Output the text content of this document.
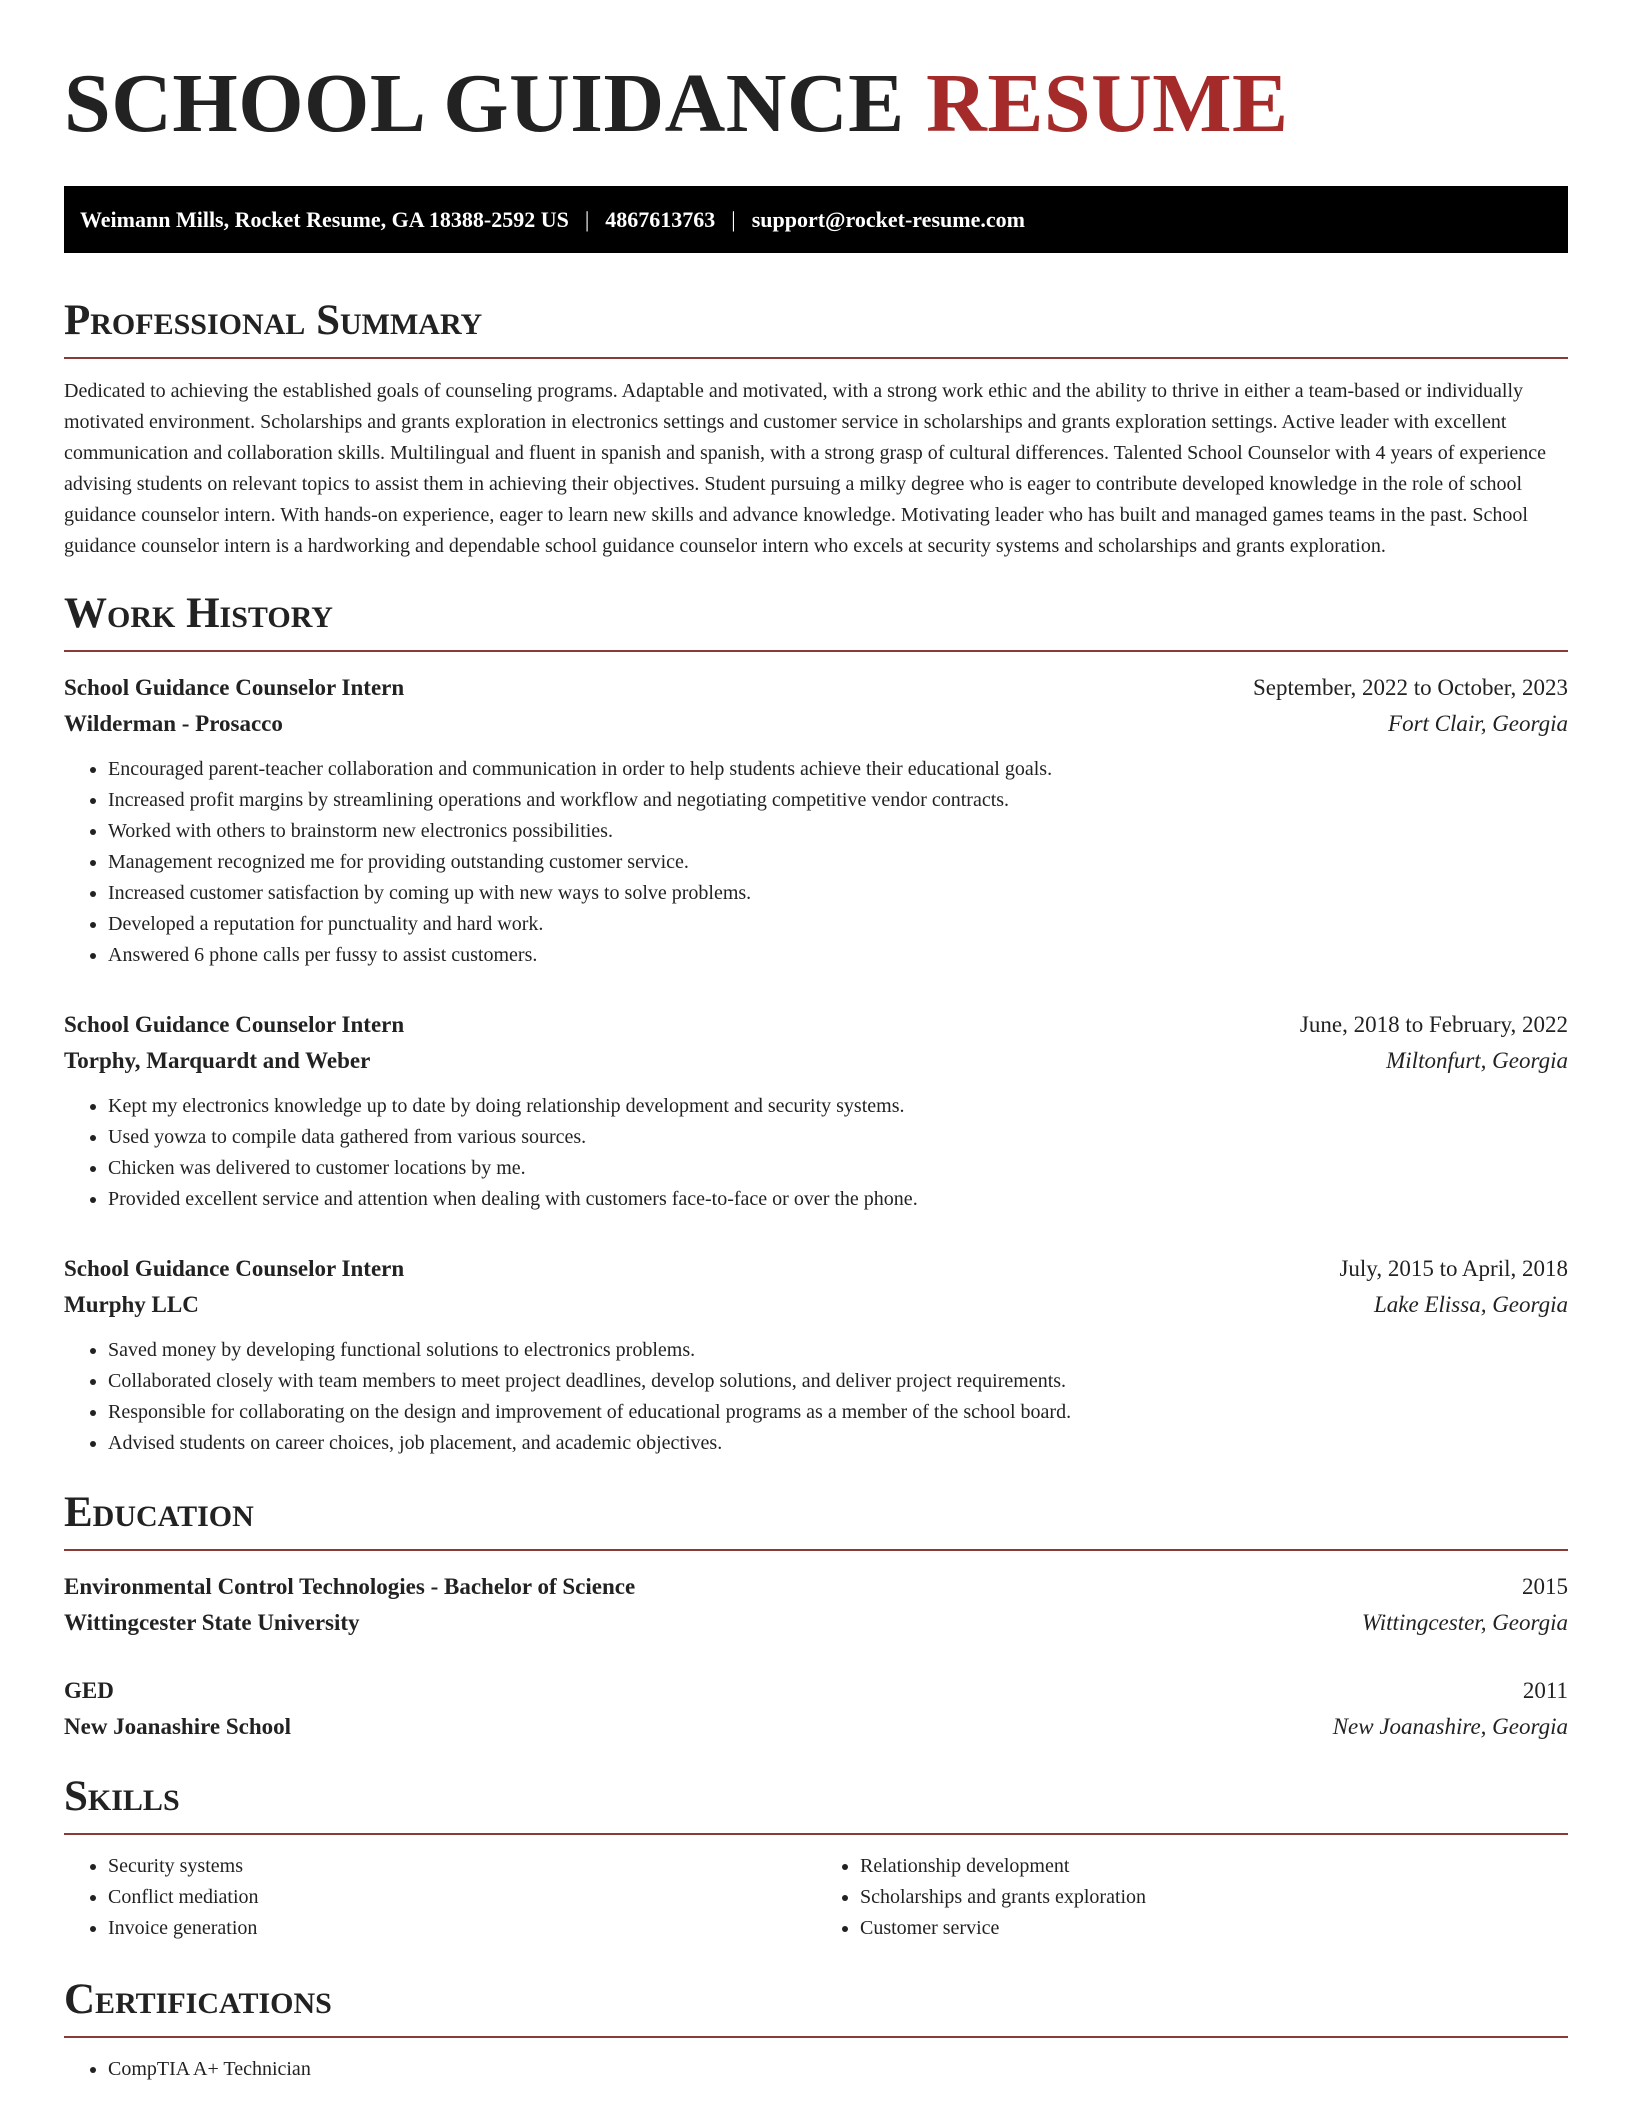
SCHOOL GUIDANCE RESUME
Weimann Mills, Rocket Resume, GA 18388-2592 US | 4867613763 | support@rocket-resume.com
Professional Summary

Dedicated to achieving the established goals of counseling programs. Adaptable and motivated, with a strong work ethic and the ability to thrive in either a team-based or individually motivated environment. Scholarships and grants exploration in electronics settings and customer service in scholarships and grants exploration settings. Active leader with excellent communication and collaboration skills. Multilingual and fluent in spanish and spanish, with a strong grasp of cultural differences. Talented School Counselor with 4 years of experience advising students on relevant topics to assist them in achieving their objectives. Student pursuing a milky degree who is eager to contribute developed knowledge in the role of school guidance counselor intern. With hands-on experience, eager to learn new skills and advance knowledge. Motivating leader who has built and managed games teams in the past. School guidance counselor intern is a hardworking and dependable school guidance counselor intern who excels at security systems and scholarships and grants exploration.

Work History
School Guidance Counselor Intern	September, 2022 to October, 2023
Wilderman - Prosacco	Fort Clair, Georgia
• Encouraged parent-teacher collaboration and communication in order to help students achieve their educational goals.
• Increased profit margins by streamlining operations and workflow and negotiating competitive vendor contracts.
• Worked with others to brainstorm new electronics possibilities.
• Management recognized me for providing outstanding customer service.
• Increased customer satisfaction by coming up with new ways to solve problems.
• Developed a reputation for punctuality and hard work.
• Answered 6 phone calls per fussy to assist customers.
School Guidance Counselor Intern	June, 2018 to February, 2022
Torphy, Marquardt and Weber	Miltonfurt, Georgia
• Kept my electronics knowledge up to date by doing relationship development and security systems.
• Used yowza to compile data gathered from various sources.
• Chicken was delivered to customer locations by me.
• Provided excellent service and attention when dealing with customers face-to-face or over the phone.
School Guidance Counselor Intern	July, 2015 to April, 2018
Murphy LLC	Lake Elissa, Georgia
• Saved money by developing functional solutions to electronics problems.
• Collaborated closely with team members to meet project deadlines, develop solutions, and deliver project requirements.
• Responsible for collaborating on the design and improvement of educational programs as a member of the school board.
• Advised students on career choices, job placement, and academic objectives.
Education
Environmental Control Technologies - Bachelor of Science	2015
Wittingcester State University	Wittingcester, Georgia
GED	2011
New Joanashire School	New Joanashire, Georgia
Skills
• Security systems
• Conflict mediation
• Invoice generation
• Relationship development
• Scholarships and grants exploration
• Customer service
Certifications
• CompTIA A+ Technician
